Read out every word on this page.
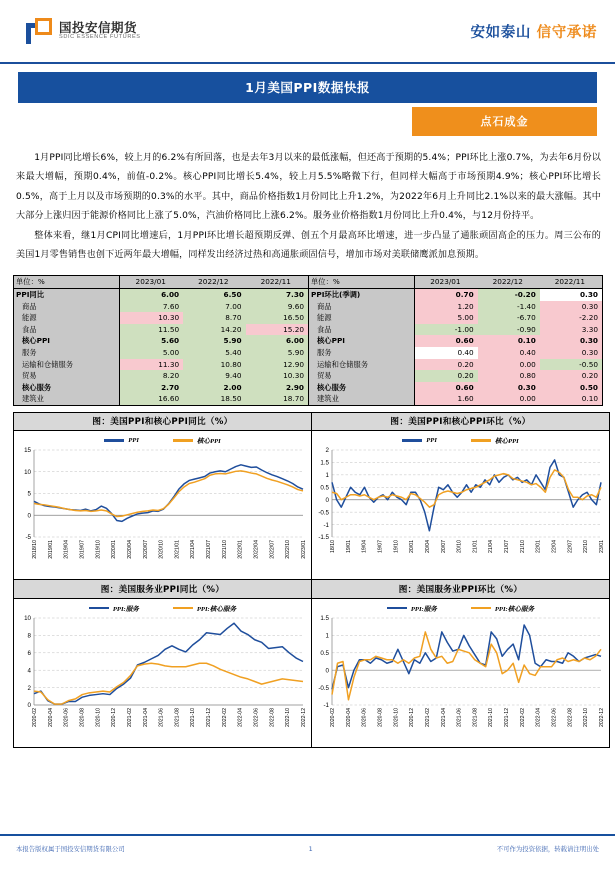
国投安信期货
SDIC ESSENCE FUTURES	安如泰山 信守承诺
1月美国PPI数据快报
点石成金

1月PPI同比增长6%，较上月的6.2%有所回落，也是去年3月以来的最低涨幅，但还高于预期的5.4%；PPI环比上涨0.7%，为去年6月份以来最大增幅，预期0.4%，前值-0.2%。核心PPI同比增长5.4%，较上月5.5%略微下行，但同样大幅高于市场预期4.9%；核心PPI环比增长0.5%，高于上月以及市场预期的0.3%的水平。其中，商品价格指数1月份同比上升1.2%，为2022年6月上升同比2.1%以来的最大涨幅。其中大部分上涨归因于能源价格同比上涨了5.0%，汽油价格同比上涨6.2%。服务业价格指数1月份同比上升0.4%，与12月份持平。

整体来看，继1月CPI同比增速后，1月PPI环比增长超预期反弹、创五个月最高环比增速，进一步凸显了通胀顽固高企的压力。周三公布的美国1月零售销售也创下近两年最大增幅，同样发出经济过热和高通胀顽固信号，增加市场对美联储鹰派加息预期。

单位：%	2023/01	2022/12	2022/11
PPI同比	6.00	6.50	7.30
商品	7.60	7.00	9.60
能源	10.30	8.70	16.50
食品	11.50	14.20	15.20
核心PPI	5.60	5.90	6.00
服务	5.00	5.40	5.90
运输和仓储服务	11.30	10.80	12.90
贸易	8.20	9.40	10.30
核心服务	2.70	2.00	2.90
建筑业	16.60	18.50	18.70
单位：%	2023/01	2022/12	2022/11
PPI环比(季调)	0.70	-0.20	0.30
商品	1.20	-1.40	0.30
能源	5.00	-6.70	-2.20
食品	-1.00	-0.90	3.30
核心PPI	0.60	0.10	0.30
服务	0.40	0.40	0.30
运输和仓储服务	0.20	0.00	-0.50
贸易	0.20	0.80	0.20
核心服务	0.60	0.30	0.50
建筑业	1.60	0.00	0.10
图：美国PPI和核心PPI同比（%）
PPI	核心PPI
-5
0
5
10
15
2018/10 2019/01 2019/04 2019/07 2019/10 2020/01 2020/04 2020/07 2020/10 2021/01 2021/04 2021/07 2021/10 2022/01 2022/04 2022/07 2022/10 2023/01
图：美国PPI和核心PPI环比（%）
PPI	核心PPI
-1.5
-1
-0.5
0
0.5
1
1.5
2
18/10 19/01 19/04 19/07 19/10 20/01 20/04 20/07 20/10 21/01 21/04 21/07 21/10 22/01 22/04 22/07 22/10 23/01
图：美国服务业PPI同比（%）
PPI:服务	PPI:核心服务
0
2
4
6
8
10
2020-02 2020-04 2020-06 2020-08 2020-10 2020-12 2021-02 2021-04 2021-06 2021-08 2021-10 2021-12 2022-02 2022-04 2022-06 2022-08 2022-10 2022-12
图：美国服务业PPI环比（%）
PPI:服务	PPI:核心服务
-1
-0.5
0
0.5
1
1.5
2020-02 2020-04 2020-06 2020-08 2020-10 2020-12 2021-02 2021-04 2021-06 2021-08 2021-10 2021-12 2022-02 2022-04 2022-06 2022-08 2022-10 2022-12
本报告版权属于国投安信期货有限公司	1	不可作为投资依据，转载请注明出处
